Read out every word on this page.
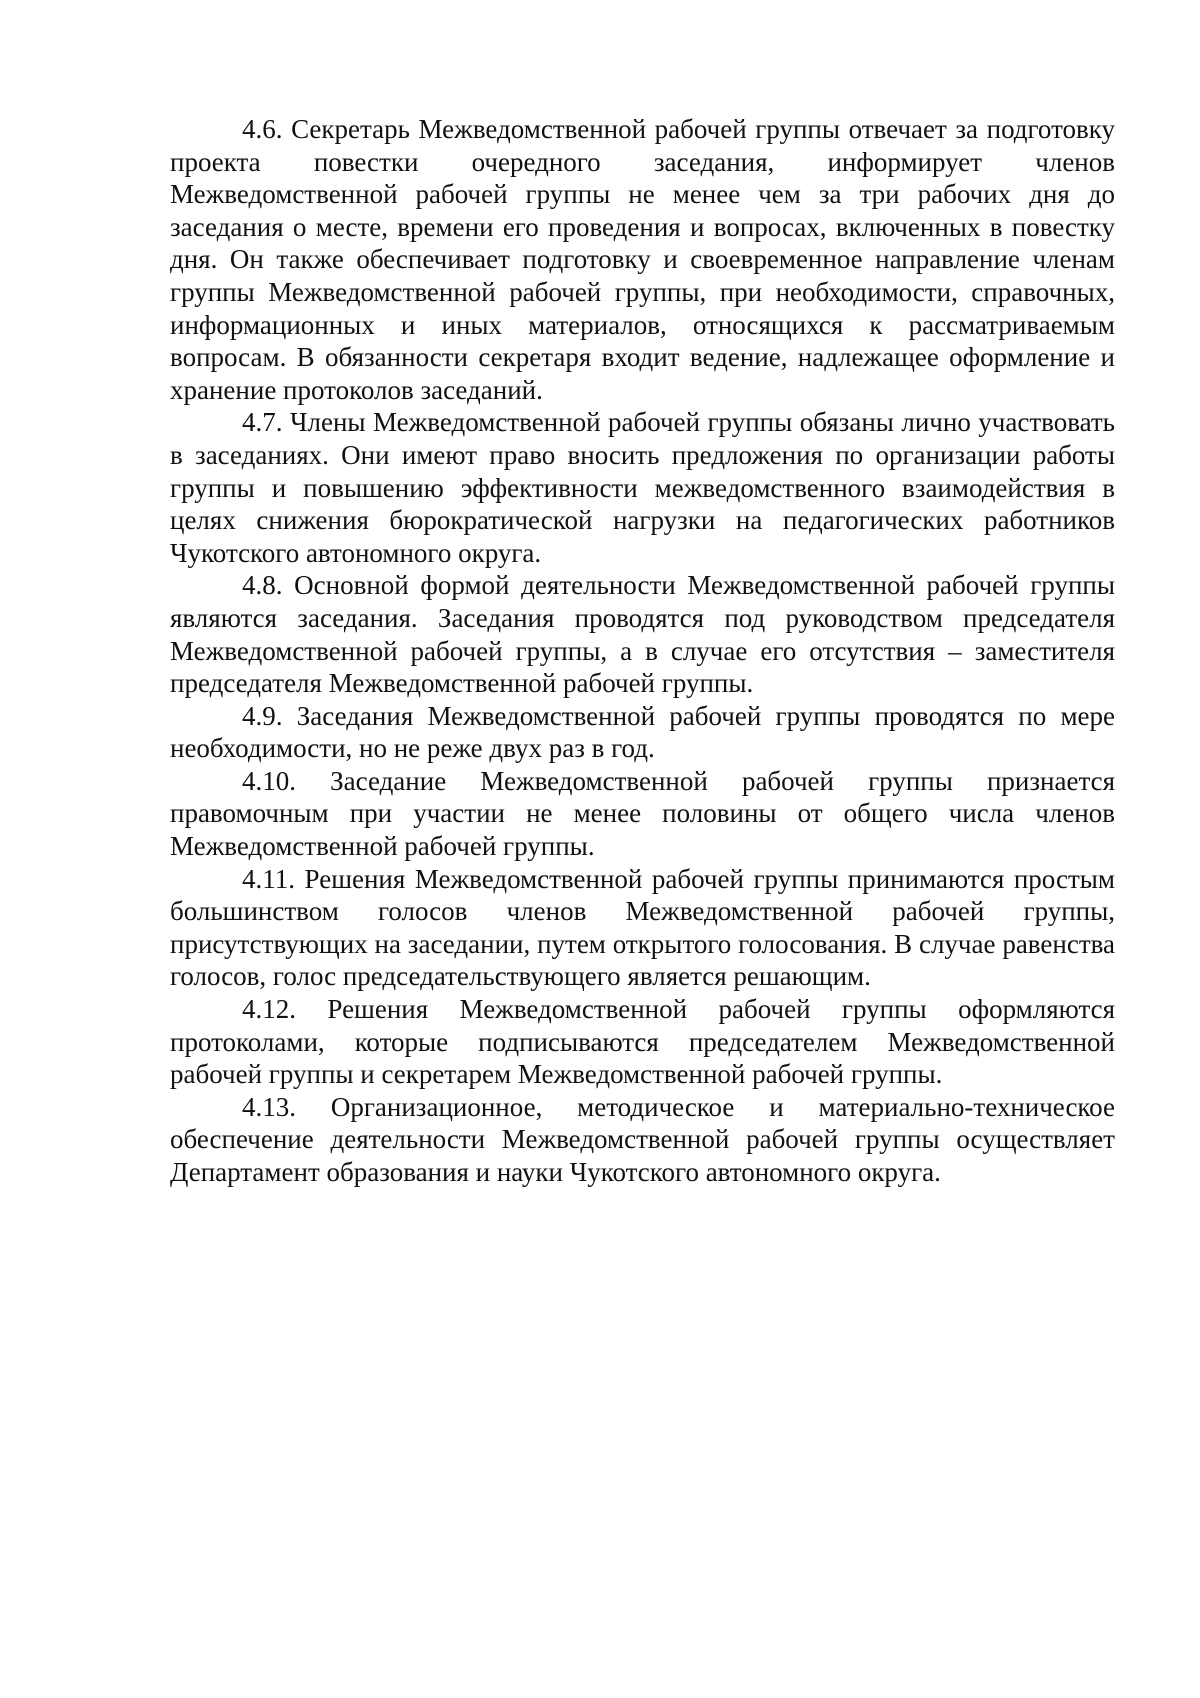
4.6. Секретарь Межведомственной рабочей группы отвечает за подготовку проекта повестки очередного заседания, информирует членов Межведомственной рабочей группы не менее чем за три рабочих дня до заседания о месте, времени его проведения и вопросах, включенных в повестку дня. Он также обеспечивает подготовку и своевременное направление членам группы Межведомственной рабочей группы, при необходимости, справочных, информационных и иных материалов, относящихся к рассматриваемым вопросам. В обязанности секретаря входит ведение, надлежащее оформление и хранение протоколов заседаний.

4.7. Члены Межведомственной рабочей группы обязаны лично участвовать в заседаниях. Они имеют право вносить предложения по организации работы группы и повышению эффективности межведомственного взаимодействия в целях снижения бюрократической нагрузки на педагогических работников Чукотского автономного округа.

4.8. Основной формой деятельности Межведомственной рабочей группы являются заседания. Заседания проводятся под руководством председателя Межведомственной рабочей группы, а в случае его отсутствия – заместителя председателя Межведомственной рабочей группы.

4.9. Заседания Межведомственной рабочей группы проводятся по мере необходимости, но не реже двух раз в год.

4.10. Заседание Межведомственной рабочей группы признается правомочным при участии не менее половины от общего числа членов Межведомственной рабочей группы.

4.11. Решения Межведомственной рабочей группы принимаются простым большинством голосов членов Межведомственной рабочей группы, присутствующих на заседании, путем открытого голосования. В случае равенства голосов, голос председательствующего является решающим.

4.12. Решения Межведомственной рабочей группы оформляются протоколами, которые подписываются председателем Межведомственной рабочей группы и секретарем Межведомственной рабочей группы.

4.13. Организационное, методическое и материально-техническое обеспечение деятельности Межведомственной рабочей группы осуществляет Департамент образования и науки Чукотского автономного округа.
